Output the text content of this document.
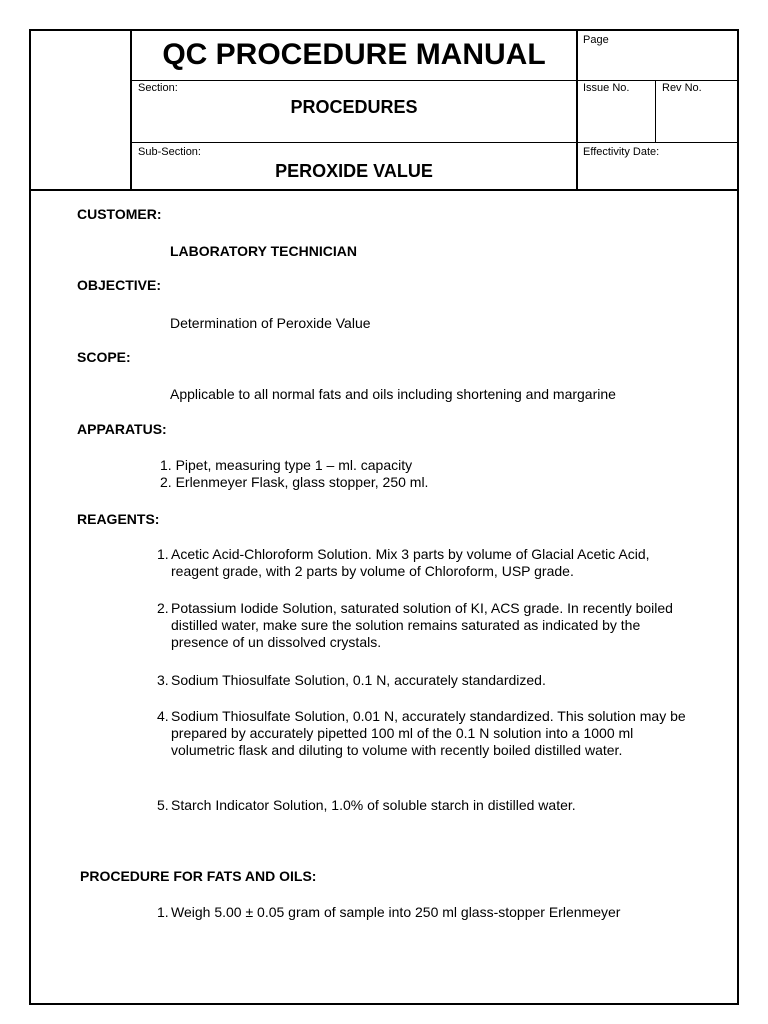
QC PROCEDURE MANUAL	Page
Section:
PROCEDURES
Issue No.	Rev No.
Sub-Section:
PEROXIDE VALUE
Effectivity Date:
CUSTOMER:
LABORATORY TECHNICIAN
OBJECTIVE:
Determination of Peroxide Value
SCOPE:
Applicable to all normal fats and oils including shortening and margarine
APPARATUS:
1. Pipet, measuring type 1 – ml. capacity
2. Erlenmeyer Flask, glass stopper, 250 ml.
REAGENTS:
1. Acetic Acid-Chloroform Solution. Mix 3 parts by volume of Glacial Acetic Acid, reagent grade, with 2 parts by volume of Chloroform, USP grade.
2. Potassium Iodide Solution, saturated solution of KI, ACS grade. In recently boiled distilled water, make sure the solution remains saturated as indicated by the presence of un dissolved crystals.
3. Sodium Thiosulfate Solution, 0.1 N, accurately standardized.
4. Sodium Thiosulfate Solution, 0.01 N, accurately standardized. This solution may be prepared by accurately pipetted 100 ml of the 0.1 N solution into a 1000 ml volumetric flask and diluting to volume with recently boiled distilled water.
5. Starch Indicator Solution, 1.0% of soluble starch in distilled water.
PROCEDURE FOR FATS AND OILS:
1. Weigh 5.00 ± 0.05 gram of sample into 250 ml glass-stopper Erlenmeyer
